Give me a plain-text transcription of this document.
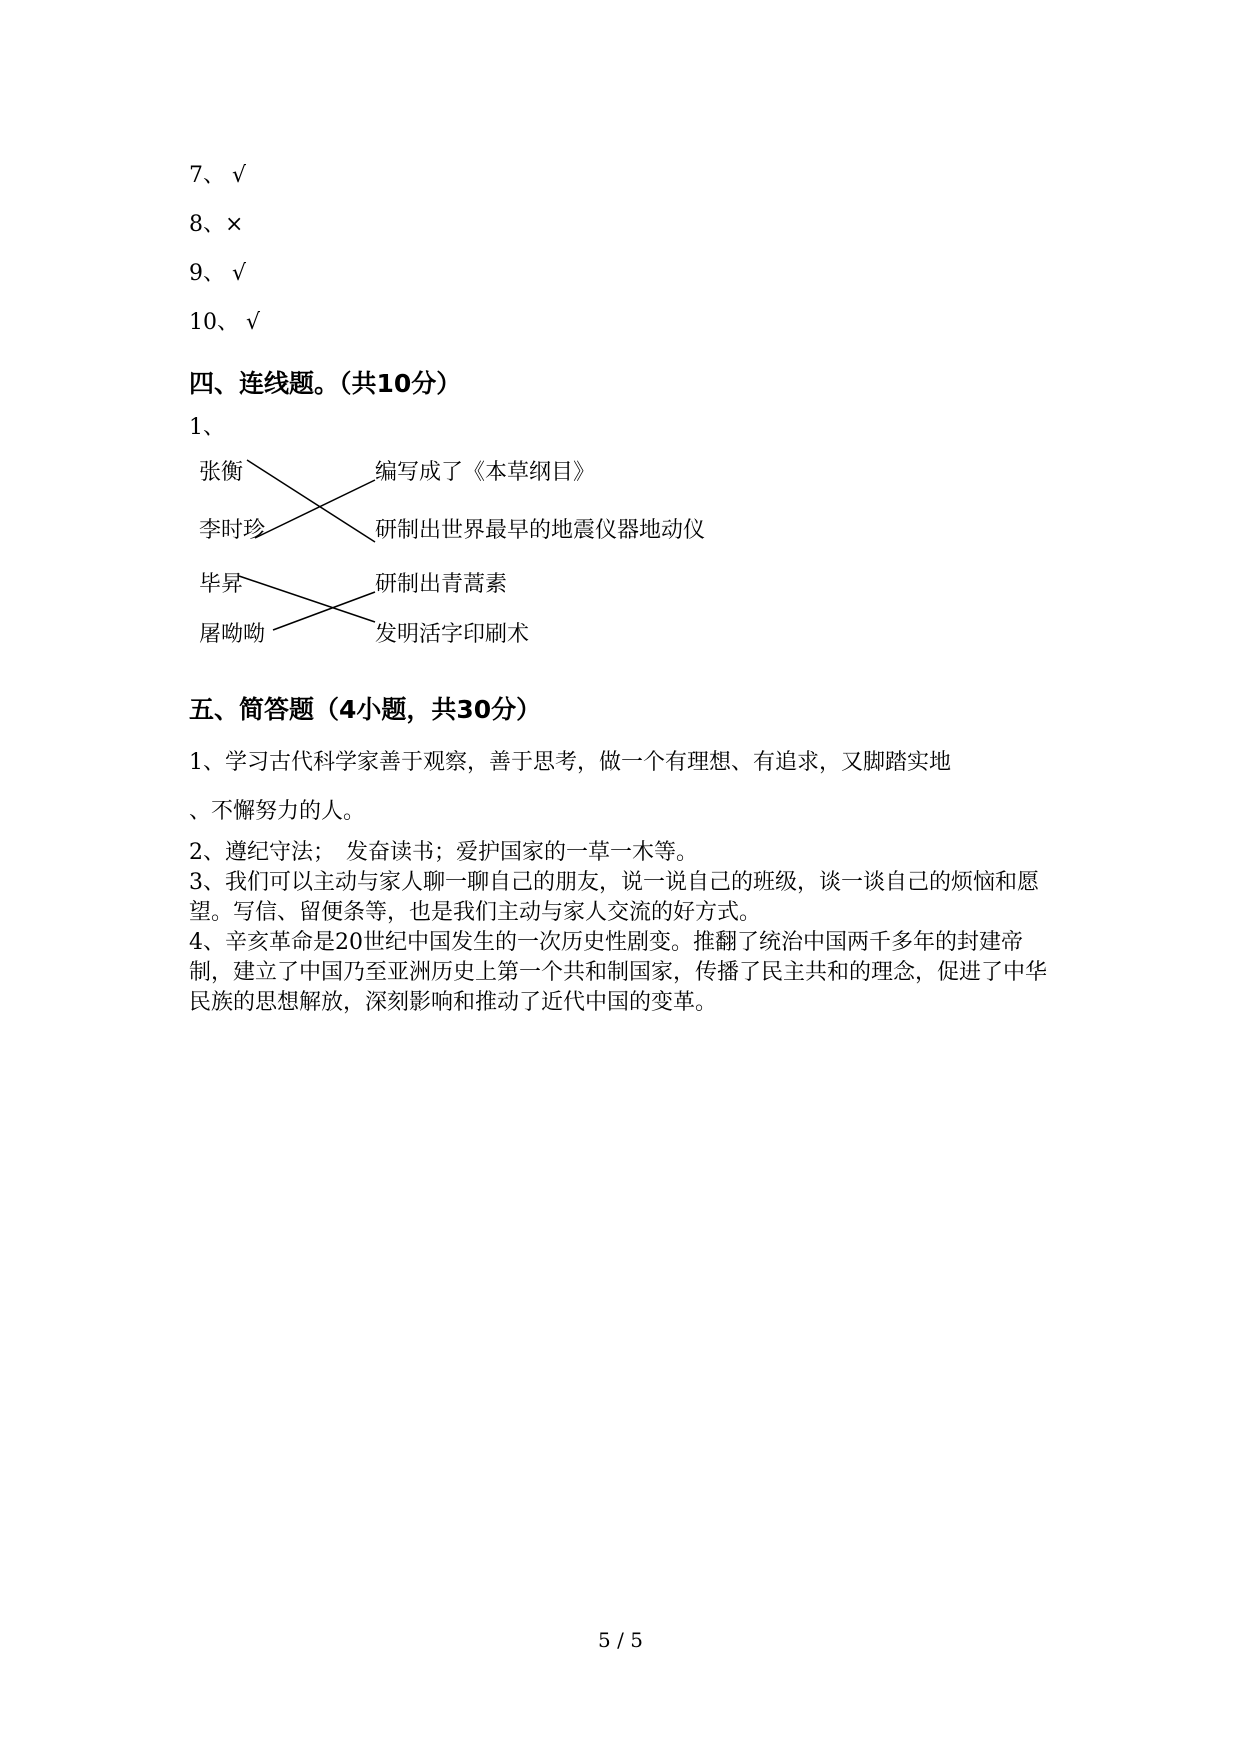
7、 √
8、×
9、 √
10、 √
四、连线题。（共10分）
1、
张衡
李时珍
毕昇
屠呦呦
编写成了《本草纲目》
研制出世界最早的地震仪器地动仪
研制出青蒿素
发明活字印刷术
五、简答题（4小题，共30分）
1、学习古代科学家善于观察，善于思考，做一个有理想、有追求，又脚踏实地
、不懈努力的人。
2、遵纪守法；　发奋读书；爱护国家的一草一木等。
3、我们可以主动与家人聊一聊自己的朋友，说一说自己的班级，谈一谈自己的烦恼和愿望。写信、留便条等，也是我们主动与家人交流的好方式。
4、辛亥革命是20世纪中国发生的一次历史性剧变。推翻了统治中国两千多年的封建帝制，建立了中国乃至亚洲历史上第一个共和制国家，传播了民主共和的理念，促进了中华民族的思想解放，深刻影响和推动了近代中国的变革。
5 / 5
